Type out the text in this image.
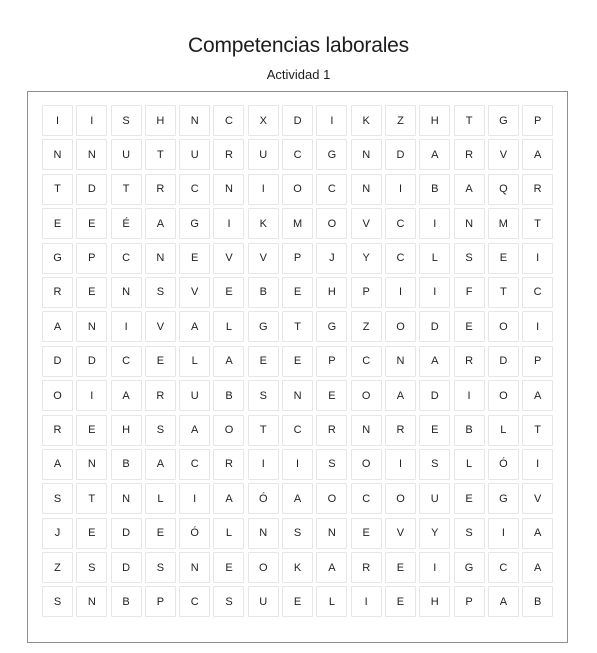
Competencias laborales
Actividad 1
I	I	S	H	N	C	X	D	I	K	Z	H	T	G	P
N	N	U	T	U	R	U	C	G	N	D	A	R	V	A
T	D	T	R	C	N	I	O	C	N	I	B	A	Q	R
E	E	É	A	G	I	K	M	O	V	C	I	N	M	T
G	P	C	N	E	V	V	P	J	Y	C	L	S	E	I
R	E	N	S	V	E	B	E	H	P	I	I	F	T	C
A	N	I	V	A	L	G	T	G	Z	O	D	E	O	I
D	D	C	E	L	A	E	E	P	C	N	A	R	D	P
O	I	A	R	U	B	S	N	E	O	A	D	I	O	A
R	E	H	S	A	O	T	C	R	N	R	E	B	L	T
A	N	B	A	C	R	I	I	S	O	I	S	L	Ó	I
S	T	N	L	I	A	Ó	A	O	C	O	U	E	G	V
J	E	D	E	Ó	L	N	S	N	E	V	Y	S	I	A
Z	S	D	S	N	E	O	K	A	R	E	I	G	C	A
S	N	B	P	C	S	U	E	L	I	E	H	P	A	B
